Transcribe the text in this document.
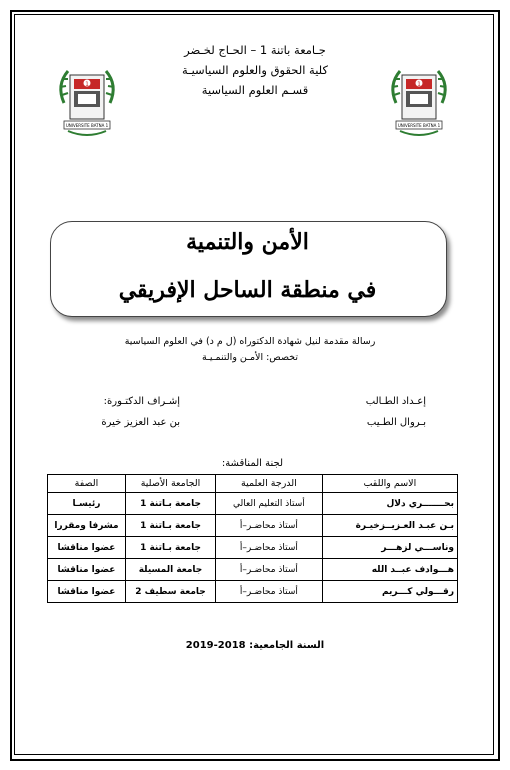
1
UNIVERSITE BATNA 1
1
UNIVERSITE BATNA 1
جـامعة باتنة 1 – الحـاج لخـضر
كلية الحقوق والعلوم السياسيـة
قسـم العلوم السياسية
الأمن والتنمية
في منطقة الساحل الإفريقي
رسالة مقدمة لنيل شهادة الدكتوراه (ل م د) في العلوم السياسية
تخصص: الأمـن والتنمـيـة
إعـداد الطـالب
بـروال الطـيب
إشـراف الدكتـورة:
بن عبد العزيز خيرة
لجنة المناقشة:
الاسم واللقب	الدرجة العلمية	الجامعة الأصلية	الصفة
بحـــــــري دلال	أستاذ التعليم العالي	جامعة بـاتنة 1	رئيسـا
بـن عبـد العـزيــزخيـرة	أستاذ محاضـر–أ	جامعة بـاتنة 1	مشرفا ومقررا
وناســـي لزهـــر	أستاذ محاضـر–أ	جامعة بـاتنة 1	عضوا مناقشا
هـــوادف عبــد الله	أستاذ محاضـر–أ	جامعة المسيلة	عضوا مناقشا
رقـــولي كـــريم	أستاذ محاضـر–أ	جامعة سطيف 2	عضوا مناقشا
السنة الجامعية: 2018-2019
